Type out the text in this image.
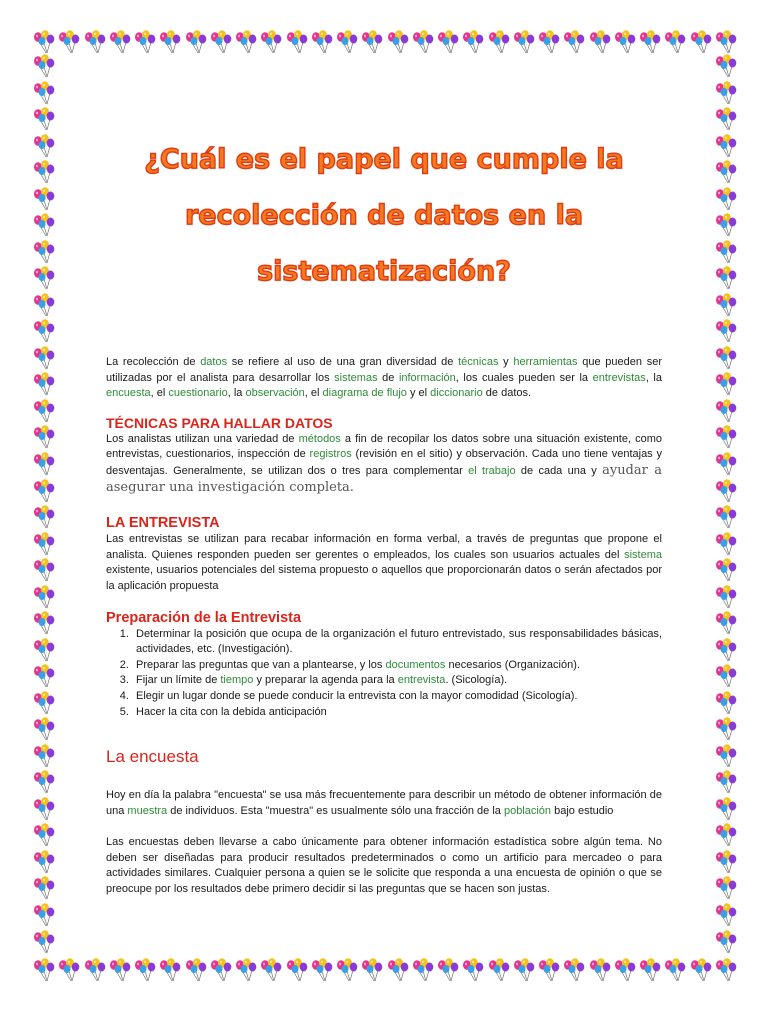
¿Cuál es el papel que cumple la
recolección de datos en la
sistematización?

La recolección de datos se refiere al uso de una gran diversidad de técnicas y herramientas que pueden ser utilizadas por el analista para desarrollar los sistemas de información, los cuales pueden ser la entrevistas, la encuesta, el cuestionario, la observación, el diagrama de flujo y el diccionario de datos.

TÉCNICAS PARA HALLAR DATOS

Los analistas utilizan una variedad de métodos a fin de recopilar los datos sobre una situación existente, como entrevistas, cuestionarios, inspección de registros (revisión en el sitio) y observación. Cada uno tiene ventajas y desventajas. Generalmente, se utilizan dos o tres para complementar el trabajo de cada una y ayudar a asegurar una investigación completa.

LA ENTREVISTA

Las entrevistas se utilizan para recabar información en forma verbal, a través de preguntas que propone el analista. Quienes responden pueden ser gerentes o empleados, los cuales son usuarios actuales del sistema existente, usuarios potenciales del sistema propuesto o aquellos que proporcionarán datos o serán afectados por la aplicación propuesta

Preparación de la Entrevista
1. Determinar la posición que ocupa de la organización el futuro entrevistado, sus responsabilidades básicas, actividades, etc. (Investigación).
2. Preparar las preguntas que van a plantearse, y los documentos necesarios (Organización).
3. Fijar un límite de tiempo y preparar la agenda para la entrevista. (Sicología).
4. Elegir un lugar donde se puede conducir la entrevista con la mayor comodidad (Sicología).
5. Hacer la cita con la debida anticipación
La encuesta

Hoy en día la palabra "encuesta" se usa más frecuentemente para describir un método de obtener información de una muestra de individuos. Esta "muestra" es usualmente sólo una fracción de la población bajo estudio

Las encuestas deben llevarse a cabo únicamente para obtener información estadística sobre algún tema. No deben ser diseñadas para producir resultados predeterminados o como un artificio para mercadeo o para actividades similares. Cualquier persona a quien se le solicite que responda a una encuesta de opinión o que se preocupe por los resultados debe primero decidir si las preguntas que se hacen son justas.
